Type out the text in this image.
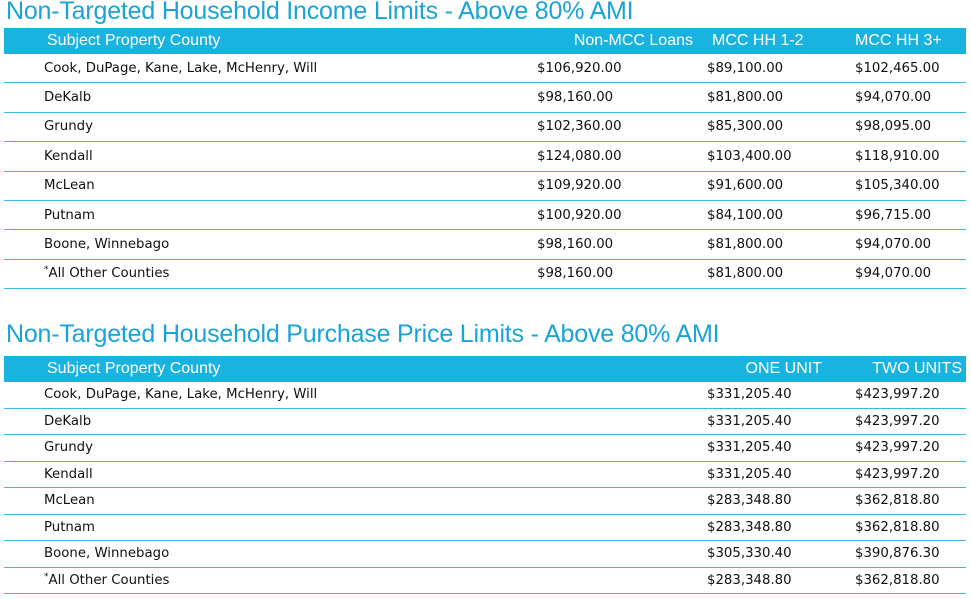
Non-Targeted Household Income Limits - Above 80% AMI
Subject Property County	Non-MCC Loans	MCC HH 1-2	MCC HH 3+
Cook, DuPage, Kane, Lake, McHenry, Will	$106,920.00	$89,100.00	$102,465.00
DeKalb	$98,160.00	$81,800.00	$94,070.00
Grundy	$102,360.00	$85,300.00	$98,095.00
Kendall	$124,080.00	$103,400.00	$118,910.00
McLean	$109,920.00	$91,600.00	$105,340.00
Putnam	$100,920.00	$84,100.00	$96,715.00
Boone, Winnebago	$98,160.00	$81,800.00	$94,070.00
*All Other Counties	$98,160.00	$81,800.00	$94,070.00
Non-Targeted Household Purchase Price Limits - Above 80% AMI
Subject Property County	ONE UNIT	TWO UNITS
Cook, DuPage, Kane, Lake, McHenry, Will	$331,205.40	$423,997.20
DeKalb	$331,205.40	$423,997.20
Grundy	$331,205.40	$423,997.20
Kendall	$331,205.40	$423,997.20
McLean	$283,348.80	$362,818.80
Putnam	$283,348.80	$362,818.80
Boone, Winnebago	$305,330.40	$390,876.30
*All Other Counties	$283,348.80	$362,818.80
